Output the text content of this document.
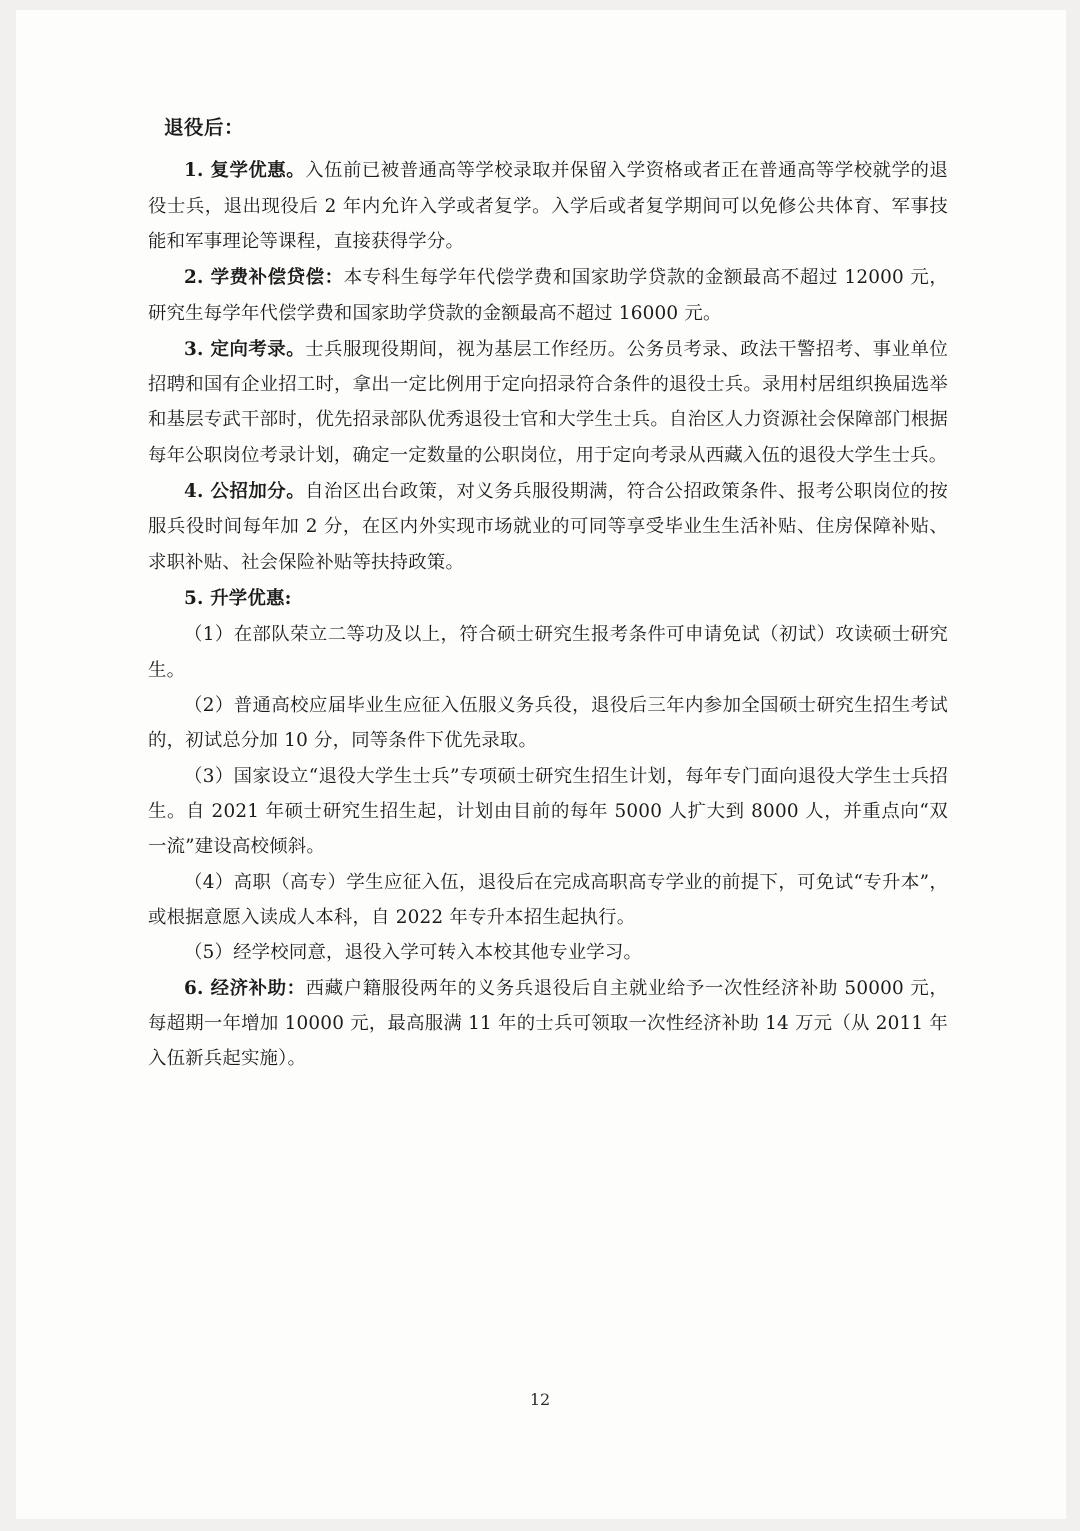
退役后：

1. 复学优惠。入伍前已被普通高等学校录取并保留入学资格或者正在普通高等学校就学的退役士兵，退出现役后 2 年内允许入学或者复学。入学后或者复学期间可以免修公共体育、军事技能和军事理论等课程，直接获得学分。

2. 学费补偿贷偿：本专科生每学年代偿学费和国家助学贷款的金额最高不超过 12000 元，研究生每学年代偿学费和国家助学贷款的金额最高不超过 16000 元。

3. 定向考录。士兵服现役期间，视为基层工作经历。公务员考录、政法干警招考、事业单位招聘和国有企业招工时，拿出一定比例用于定向招录符合条件的退役士兵。录用村居组织换届选举和基层专武干部时，优先招录部队优秀退役士官和大学生士兵。自治区人力资源社会保障部门根据每年公职岗位考录计划，确定一定数量的公职岗位，用于定向考录从西藏入伍的退役大学生士兵。

4. 公招加分。自治区出台政策，对义务兵服役期满，符合公招政策条件、报考公职岗位的按服兵役时间每年加 2 分，在区内外实现市场就业的可同等享受毕业生生活补贴、住房保障补贴、求职补贴、社会保险补贴等扶持政策。

5. 升学优惠:

（1）在部队荣立二等功及以上，符合硕士研究生报考条件可申请免试（初试）攻读硕士研究生。

（2）普通高校应届毕业生应征入伍服义务兵役，退役后三年内参加全国硕士研究生招生考试的，初试总分加 10 分，同等条件下优先录取。

（3）国家设立“退役大学生士兵”专项硕士研究生招生计划，每年专门面向退役大学生士兵招生。自 2021 年硕士研究生招生起，计划由目前的每年 5000 人扩大到 8000 人，并重点向“双一流”建设高校倾斜。

（4）高职（高专）学生应征入伍，退役后在完成高职高专学业的前提下，可免试“专升本”，或根据意愿入读成人本科，自 2022 年专升本招生起执行。

（5）经学校同意，退役入学可转入本校其他专业学习。

6. 经济补助：西藏户籍服役两年的义务兵退役后自主就业给予一次性经济补助 50000 元，每超期一年增加 10000 元，最高服满 11 年的士兵可领取一次性经济补助 14 万元（从 2011 年入伍新兵起实施）。

12
